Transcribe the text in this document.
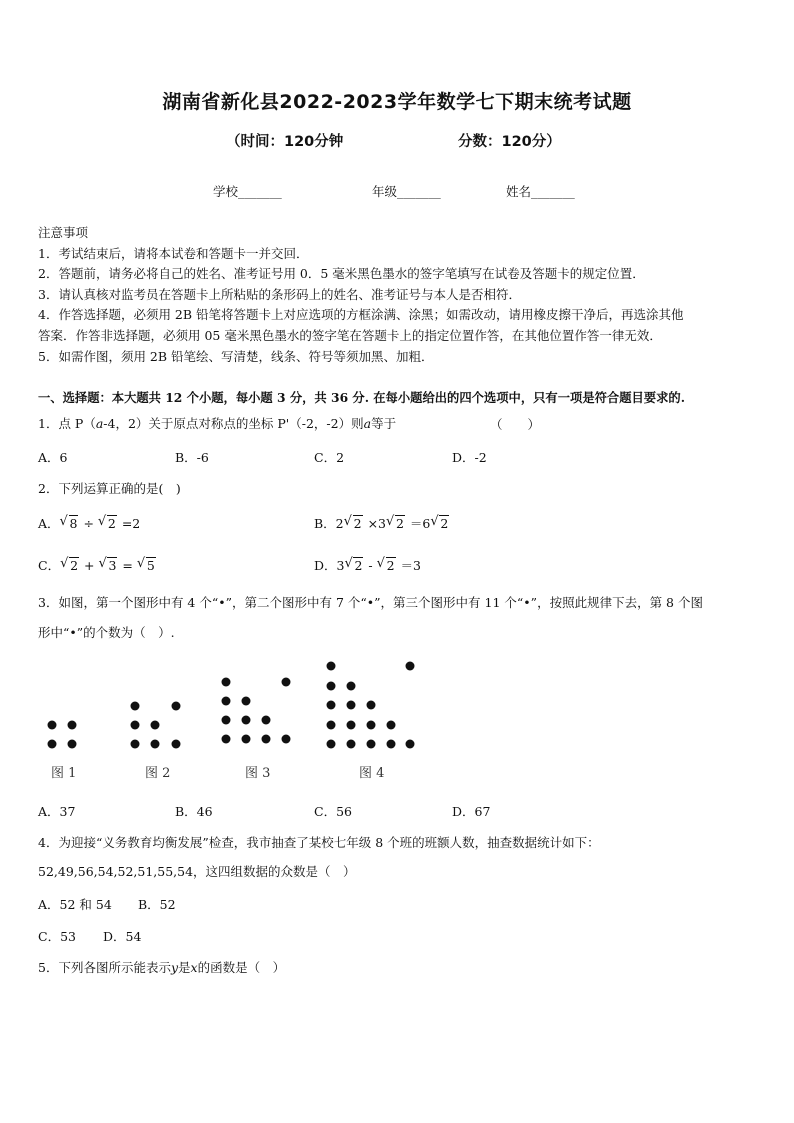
湖南省新化县2022-2023学年数学七下期末统考试题
（时间：120分钟	分数：120分）
学校_______	年级_______	姓名_______
注意事项
1．考试结束后，请将本试卷和答题卡一并交回．
2．答题前，请务必将自己的姓名、准考证号用 0．5 毫米黑色墨水的签字笔填写在试卷及答题卡的规定位置．
3．请认真核对监考员在答题卡上所粘贴的条形码上的姓名、准考证号与本人是否相符．
4．作答选择题，必须用 2B 铅笔将答题卡上对应选项的方框涂满、涂黑；如需改动，请用橡皮擦干净后，再选涂其他
答案．作答非选择题，必须用 05 毫米黑色墨水的签字笔在答题卡上的指定位置作答，在其他位置作答一律无效．
5．如需作图，须用 2B 铅笔绘、写清楚，线条、符号等须加黑、加粗．
一、选择题：本大题共 12 个小题，每小题 3 分，共 36 分. 在每小题给出的四个选项中，只有一项是符合题目要求的.
1．点 P（a-4，2）关于原点对称点的坐标 P'（-2，-2）则a等于	（　　）
A．6	B．-6	C．2	D．-2
2．下列运算正确的是(　)
A． √ 8 ÷ √ 2 =2	B．2 √ 2 ×3 √ 2 ＝6 √ 2
C． √ 2 + √ 3 = √ 5	D．3 √ 2 - √ 2 ＝3
3．如图，第一个图形中有 4 个“•”，第二个图形中有 7 个“•”，第三个图形中有 11 个“•”，按照此规律下去，第 8 个图
形中“•”的个数为（　）.
图 1	图 2	图 3	图 4
A．37	B．46	C．56	D．67
4．为迎接“义务教育均衡发展”检查，我市抽查了某校七年级 8 个班的班额人数，抽查数据统计如下：
52,49,56,54,52,51,55,54，这四组数据的众数是（　）
A．52 和 54 B．52
C．53 D．54
5．下列各图所示能表示y是x的函数是（　）
